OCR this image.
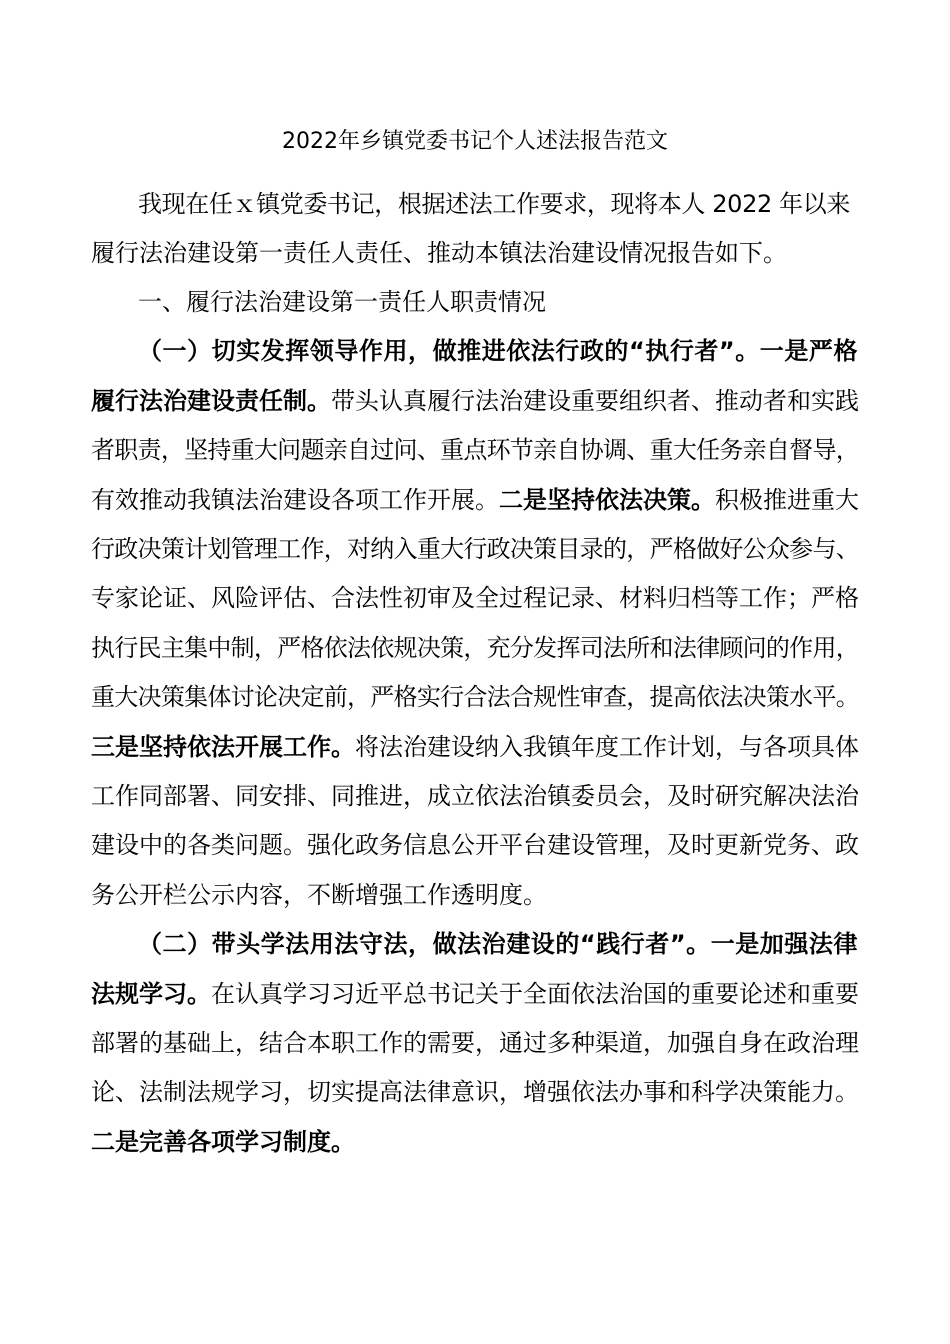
2022年乡镇党委书记个人述法报告范文
我现在任ｘ镇党委书记，根据述法工作要求，现将本人 2022 年以来
履行法治建设第一责任人责任、推动本镇法治建设情况报告如下。
一、履行法治建设第一责任人职责情况
（一）切实发挥领导作用，做推进依法行政的“执行者”。一是严格
履行法治建设责任制。带头认真履行法治建设重要组织者、推动者和实践
者职责，坚持重大问题亲自过问、重点环节亲自协调、重大任务亲自督导，
有效推动我镇法治建设各项工作开展。二是坚持依法决策。积极推进重大
行政决策计划管理工作，对纳入重大行政决策目录的，严格做好公众参与、
专家论证、风险评估、合法性初审及全过程记录、材料归档等工作；严格
执行民主集中制，严格依法依规决策，充分发挥司法所和法律顾问的作用，
重大决策集体讨论决定前，严格实行合法合规性审查，提高依法决策水平。
三是坚持依法开展工作。将法治建设纳入我镇年度工作计划，与各项具体
工作同部署、同安排、同推进，成立依法治镇委员会，及时研究解决法治
建设中的各类问题。强化政务信息公开平台建设管理，及时更新党务、政
务公开栏公示内容，不断增强工作透明度。
（二）带头学法用法守法，做法治建设的“践行者”。一是加强法律
法规学习。在认真学习习近平总书记关于全面依法治国的重要论述和重要
部署的基础上，结合本职工作的需要，通过多种渠道，加强自身在政治理
论、法制法规学习，切实提高法律意识，增强依法办事和科学决策能力。
二是完善各项学习制度。
